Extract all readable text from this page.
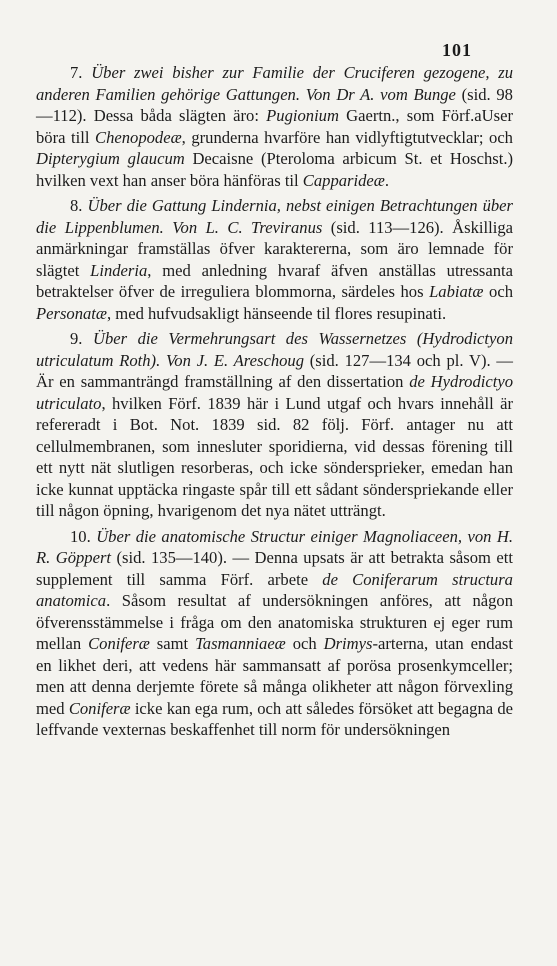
101

7. Über zwei bisher zur Familie der Cruciferen gezogene, zu anderen Familien gehörige Gattungen. Von Dr A. vom Bunge (sid. 98—112). Dessa båda slägten äro: Pugionium Gaertn., som Förf.aUser böra till Chenopodeæ, grunderna hvarföre han vidlyftigtutvecklar; och Dipterygium glaucum Decaisne (Pteroloma arbicum St. et Hoschst.) hvilken vext han anser böra hänföras til Capparideæ.

8. Über die Gattung Lindernia, nebst einigen Betrachtungen über die Lippenblumen. Von L. C. Treviranus (sid. 113—126). Åskilliga anmärkningar framställas öfver karaktererna, som äro lemnade för slägtet Linderia, med anledning hvaraf äfven anställas utressanta betraktelser öfver de irreguliera blommorna, särdeles hos Labiatæ och Personatæ, med hufvudsakligt hänseende til flores resupinati.

9. Über die Vermehrungsart des Wassernetzes (Hydrodictyon utriculatum Roth). Von J. E. Areschoug (sid. 127—134 och pl. V). — Är en sammanträngd framställning af den dissertation de Hydrodictyo utriculato, hvilken Förf. 1839 här i Lund utgaf och hvars innehåll är refereradt i Bot. Not. 1839 sid. 82 följ. Förf. antager nu att cellulmembranen, som innesluter sporidierna, vid dessas förening till ett nytt nät slutligen resorberas, och icke söndersprieker, emedan han icke kunnat upptäcka ringaste spår till ett sådant sönderspriekande eller till någon öpning, hvarigenom det nya nätet utträngt.

10. Über die anatomische Structur einiger Magnoliaceen, von H. R. Göppert (sid. 135—140). — Denna upsats är att betrakta såsom ett supplement till samma Förf. arbete de Coniferarum structura anatomica. Såsom resultat af undersökningen anföres, att någon öfverensstämmelse i fråga om den anatomiska strukturen ej eger rum mellan Coniferæ samt Tasmanniaeæ och Drimys-arterna, utan endast en likhet deri, att vedens här sammansatt af porösa prosenkymceller; men att denna derjemte förete så många olikheter att någon förvexling med Coniferæ icke kan ega rum, och att således försöket att begagna de leffvande vexternas beskaffenhet till norm för undersökningen
